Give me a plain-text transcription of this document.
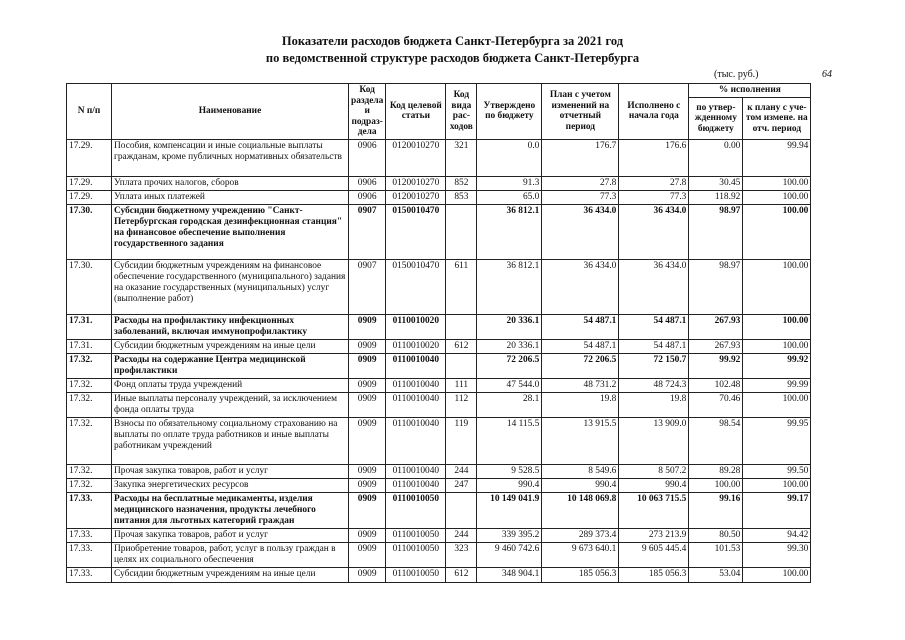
Показатели расходов бюджета Санкт-Петербурга за 2021 год
по ведомственной структуре расходов бюджета Санкт-Петербурга
(тыс. руб.)	64
N п/п	Наименование	Код раздела и подраз-дела	Код целевой статьи	Код вида рас-ходов	Утверждено по бюджету	План с учетом изменений на отчетный период	Исполнено с начала года	% исполнения	
								по утвер-жденному бюджету	к плану с уче-том измене. на отч. период
17.29.	Пособия, компенсации и иные социальные выплаты гражданам, кроме публичных нормативных обязательств	0906	0120010270	321	0.0	176.7	176.6	0.00	99.94
17.29.	Уплата прочих налогов, сборов	0906	0120010270	852	91.3	27.8	27.8	30.45	100.00
17.29.	Уплата иных платежей	0906	0120010270	853	65.0	77.3	77.3	118.92	100.00
17.30.	Субсидии бюджетному учреждению "Санкт-Петербургская городская дезинфекционная станция" на финансовое обеспечение выполнения государственного задания	0907	0150010470		36 812.1	36 434.0	36 434.0	98.97	100.00
17.30.	Субсидии бюджетным учреждениям на финансовое обеспечение государственного (муниципального) задания на оказание государственных (муниципальных) услуг (выполнение работ)	0907	0150010470	611	36 812.1	36 434.0	36 434.0	98.97	100.00
17.31.	Расходы на профилактику инфекционных заболеваний, включая иммунопрофилактику	0909	0110010020		20 336.1	54 487.1	54 487.1	267.93	100.00
17.31.	Субсидии бюджетным учреждениям на иные цели	0909	0110010020	612	20 336.1	54 487.1	54 487.1	267.93	100.00
17.32.	Расходы на содержание Центра медицинской профилактики	0909	0110010040		72 206.5	72 206.5	72 150.7	99.92	99.92
17.32.	Фонд оплаты труда учреждений	0909	0110010040	111	47 544.0	48 731.2	48 724.3	102.48	99.99
17.32.	Иные выплаты персоналу учреждений, за исключением фонда оплаты труда	0909	0110010040	112	28.1	19.8	19.8	70.46	100.00
17.32.	Взносы по обязательному социальному страхованию на выплаты по оплате труда работников и иные выплаты работникам учреждений	0909	0110010040	119	14 115.5	13 915.5	13 909.0	98.54	99.95
17.32.	Прочая закупка товаров, работ и услуг	0909	0110010040	244	9 528.5	8 549.6	8 507.2	89.28	99.50
17.32.	Закупка энергетических ресурсов	0909	0110010040	247	990.4	990.4	990.4	100.00	100.00
17.33.	Расходы на бесплатные медикаменты, изделия медицинского назначения, продукты лечебного питания для льготных категорий граждан	0909	0110010050		10 149 041.9	10 148 069.8	10 063 715.5	99.16	99.17
17.33.	Прочая закупка товаров, работ и услуг	0909	0110010050	244	339 395.2	289 373.4	273 213.9	80.50	94.42
17.33.	Приобретение товаров, работ, услуг в пользу граждан в целях их социального обеспечения	0909	0110010050	323	9 460 742.6	9 673 640.1	9 605 445.4	101.53	99.30
17.33.	Субсидии бюджетным учреждениям на иные цели	0909	0110010050	612	348 904.1	185 056.3	185 056.3	53.04	100.00
